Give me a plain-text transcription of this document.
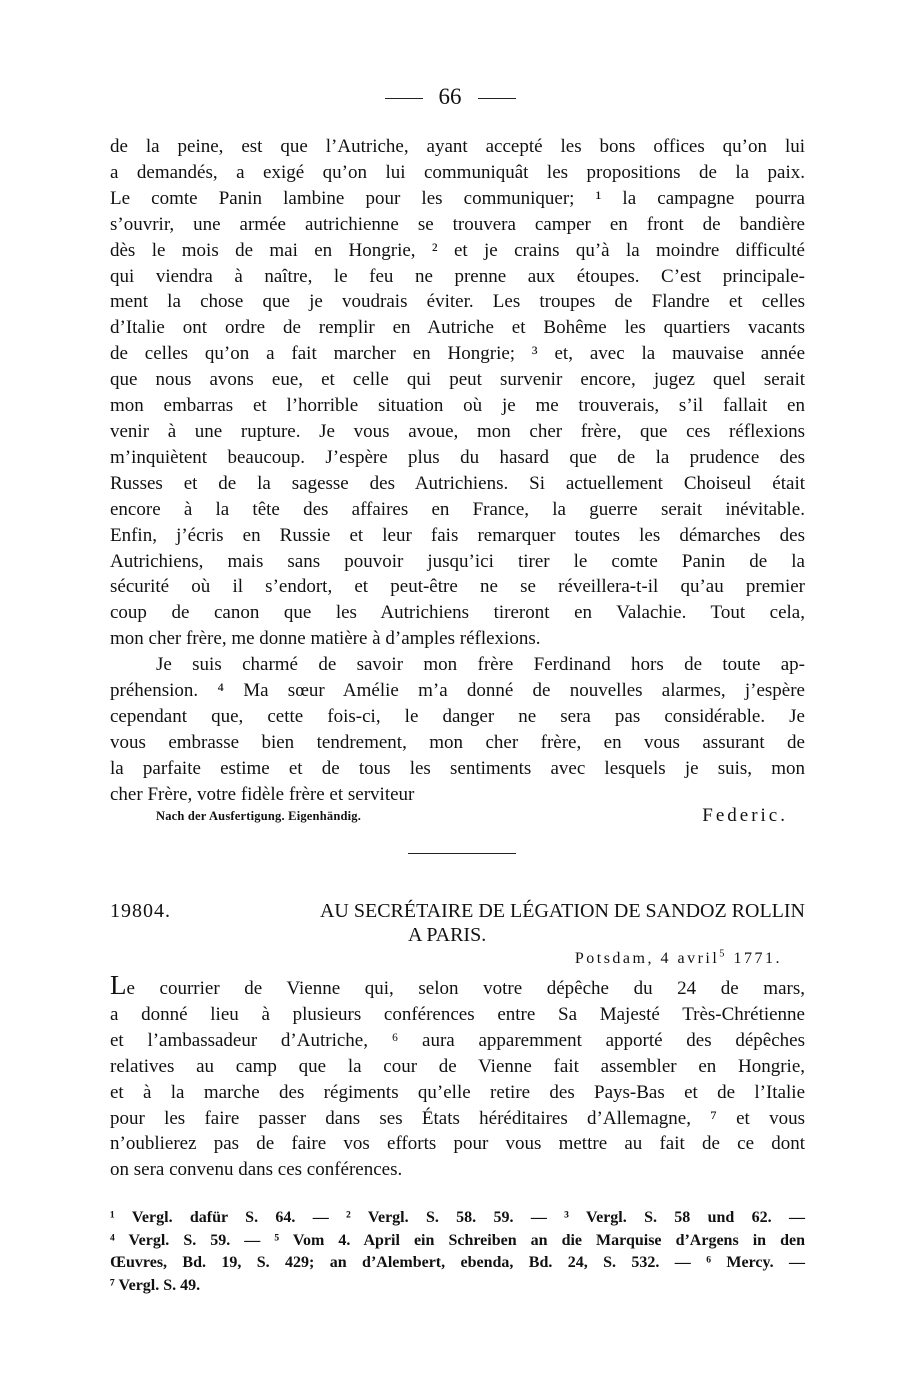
66
de la peine, est que l’Autriche, ayant accepté les bons offices qu’on lui
a demandés, a exigé qu’on lui communiquât les propositions de la paix.
Le comte Panin lambine pour les communiquer; ¹ la campagne pourra
s’ouvrir, une armée autrichienne se trouvera camper en front de bandière
dès le mois de mai en Hongrie, ² et je crains qu’à la moindre difficulté
qui viendra à naître, le feu ne prenne aux étoupes. C’est principale-
ment la chose que je voudrais éviter. Les troupes de Flandre et celles
d’Italie ont ordre de remplir en Autriche et Bohême les quartiers vacants
de celles qu’on a fait marcher en Hongrie; ³ et, avec la mauvaise année
que nous avons eue, et celle qui peut survenir encore, jugez quel serait
mon embarras et l’horrible situation où je me trouverais, s’il fallait en
venir à une rupture. Je vous avoue, mon cher frère, que ces réflexions
m’inquiètent beaucoup. J’espère plus du hasard que de la prudence des
Russes et de la sagesse des Autrichiens. Si actuellement Choiseul était
encore à la tête des affaires en France, la guerre serait inévitable.
Enfin, j’écris en Russie et leur fais remarquer toutes les démarches des
Autrichiens, mais sans pouvoir jusqu’ici tirer le comte Panin de la
sécurité où il s’endort, et peut-être ne se réveillera-t-il qu’au premier
coup de canon que les Autrichiens tireront en Valachie. Tout cela,
mon cher frère, me donne matière à d’amples réflexions.
Je suis charmé de savoir mon frère Ferdinand hors de toute ap-
préhension. ⁴ Ma sœur Amélie m’a donné de nouvelles alarmes, j’espère
cependant que, cette fois-ci, le danger ne sera pas considérable. Je
vous embrasse bien tendrement, mon cher frère, en vous assurant de
la parfaite estime et de tous les sentiments avec lesquels je suis, mon
cher Frère, votre fidèle frère et serviteur
Nach der Ausfertigung. Eigenhändig.	Federic.
19804.	AU SECRÉTAIRE DE LÉGATION DE SANDOZ ROLLIN
A PARIS.
Potsdam, 4 avril$^5$ 1771.
Le courrier de Vienne qui, selon votre dépêche du 24 de mars,
a donné lieu à plusieurs conférences entre Sa Majesté Très-Chrétienne
et l’ambassadeur d’Autriche, ⁶ aura apparemment apporté des dépêches
relatives au camp que la cour de Vienne fait assembler en Hongrie,
et à la marche des régiments qu’elle retire des Pays-Bas et de l’Italie
pour les faire passer dans ses États héréditaires d’Allemagne, ⁷ et vous
n’oublierez pas de faire vos efforts pour vous mettre au fait de ce dont
on sera convenu dans ces conférences.
¹ Vergl. dafür S. 64. — ² Vergl. S. 58. 59. — ³ Vergl. S. 58 und 62. —
⁴ Vergl. S. 59. — ⁵ Vom 4. April ein Schreiben an die Marquise d’Argens in den
Œuvres, Bd. 19, S. 429; an d’Alembert, ebenda, Bd. 24, S. 532. — ⁶ Mercy. —
⁷ Vergl. S. 49.
